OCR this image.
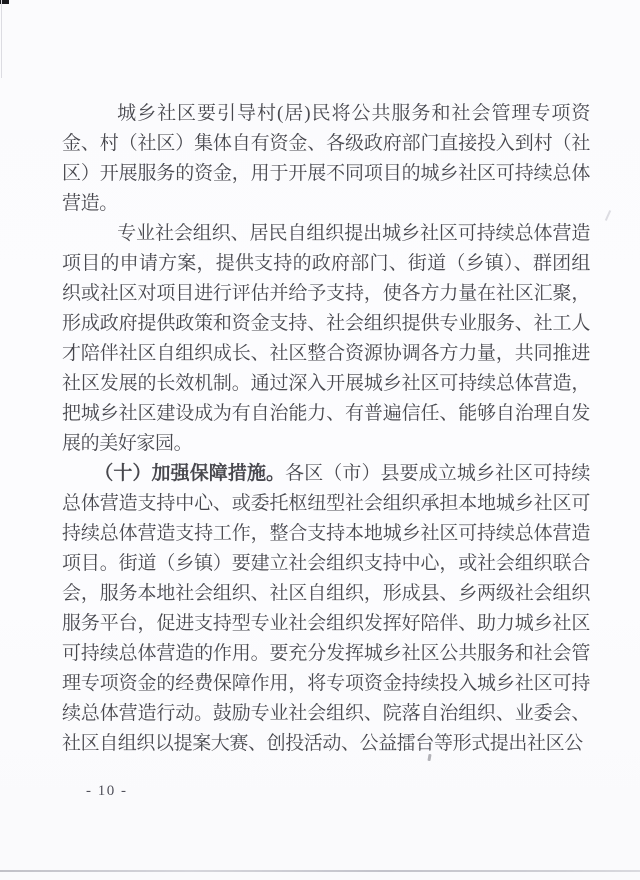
城乡社区要引导村(居)民将公共服务和社会管理专项资金、村（社区）集体自有资金、各级政府部门直接投入到村（社区）开展服务的资金，用于开展不同项目的城乡社区可持续总体营造。

专业社会组织、居民自组织提出城乡社区可持续总体营造项目的申请方案，提供支持的政府部门、街道（乡镇）、群团组织或社区对项目进行评估并给予支持，使各方力量在社区汇聚，形成政府提供政策和资金支持、社会组织提供专业服务、社工人才陪伴社区自组织成长、社区整合资源协调各方力量，共同推进社区发展的长效机制。通过深入开展城乡社区可持续总体营造，把城乡社区建设成为有自治能力、有普遍信任、能够自治理自发展的美好家园。

（十）加强保障措施。各区（市）县要成立城乡社区可持续总体营造支持中心、或委托枢纽型社会组织承担本地城乡社区可持续总体营造支持工作，整合支持本地城乡社区可持续总体营造项目。街道（乡镇）要建立社会组织支持中心，或社会组织联合会，服务本地社会组织、社区自组织，形成县、乡两级社会组织服务平台，促进支持型专业社会组织发挥好陪伴、助力城乡社区可持续总体营造的作用。要充分发挥城乡社区公共服务和社会管理专项资金的经费保障作用，将专项资金持续投入城乡社区可持续总体营造行动。鼓励专业社会组织、院落自治组织、业委会、社区自组织以提案大赛、创投活动、公益擂台等形式提出社区公

- 10 -
